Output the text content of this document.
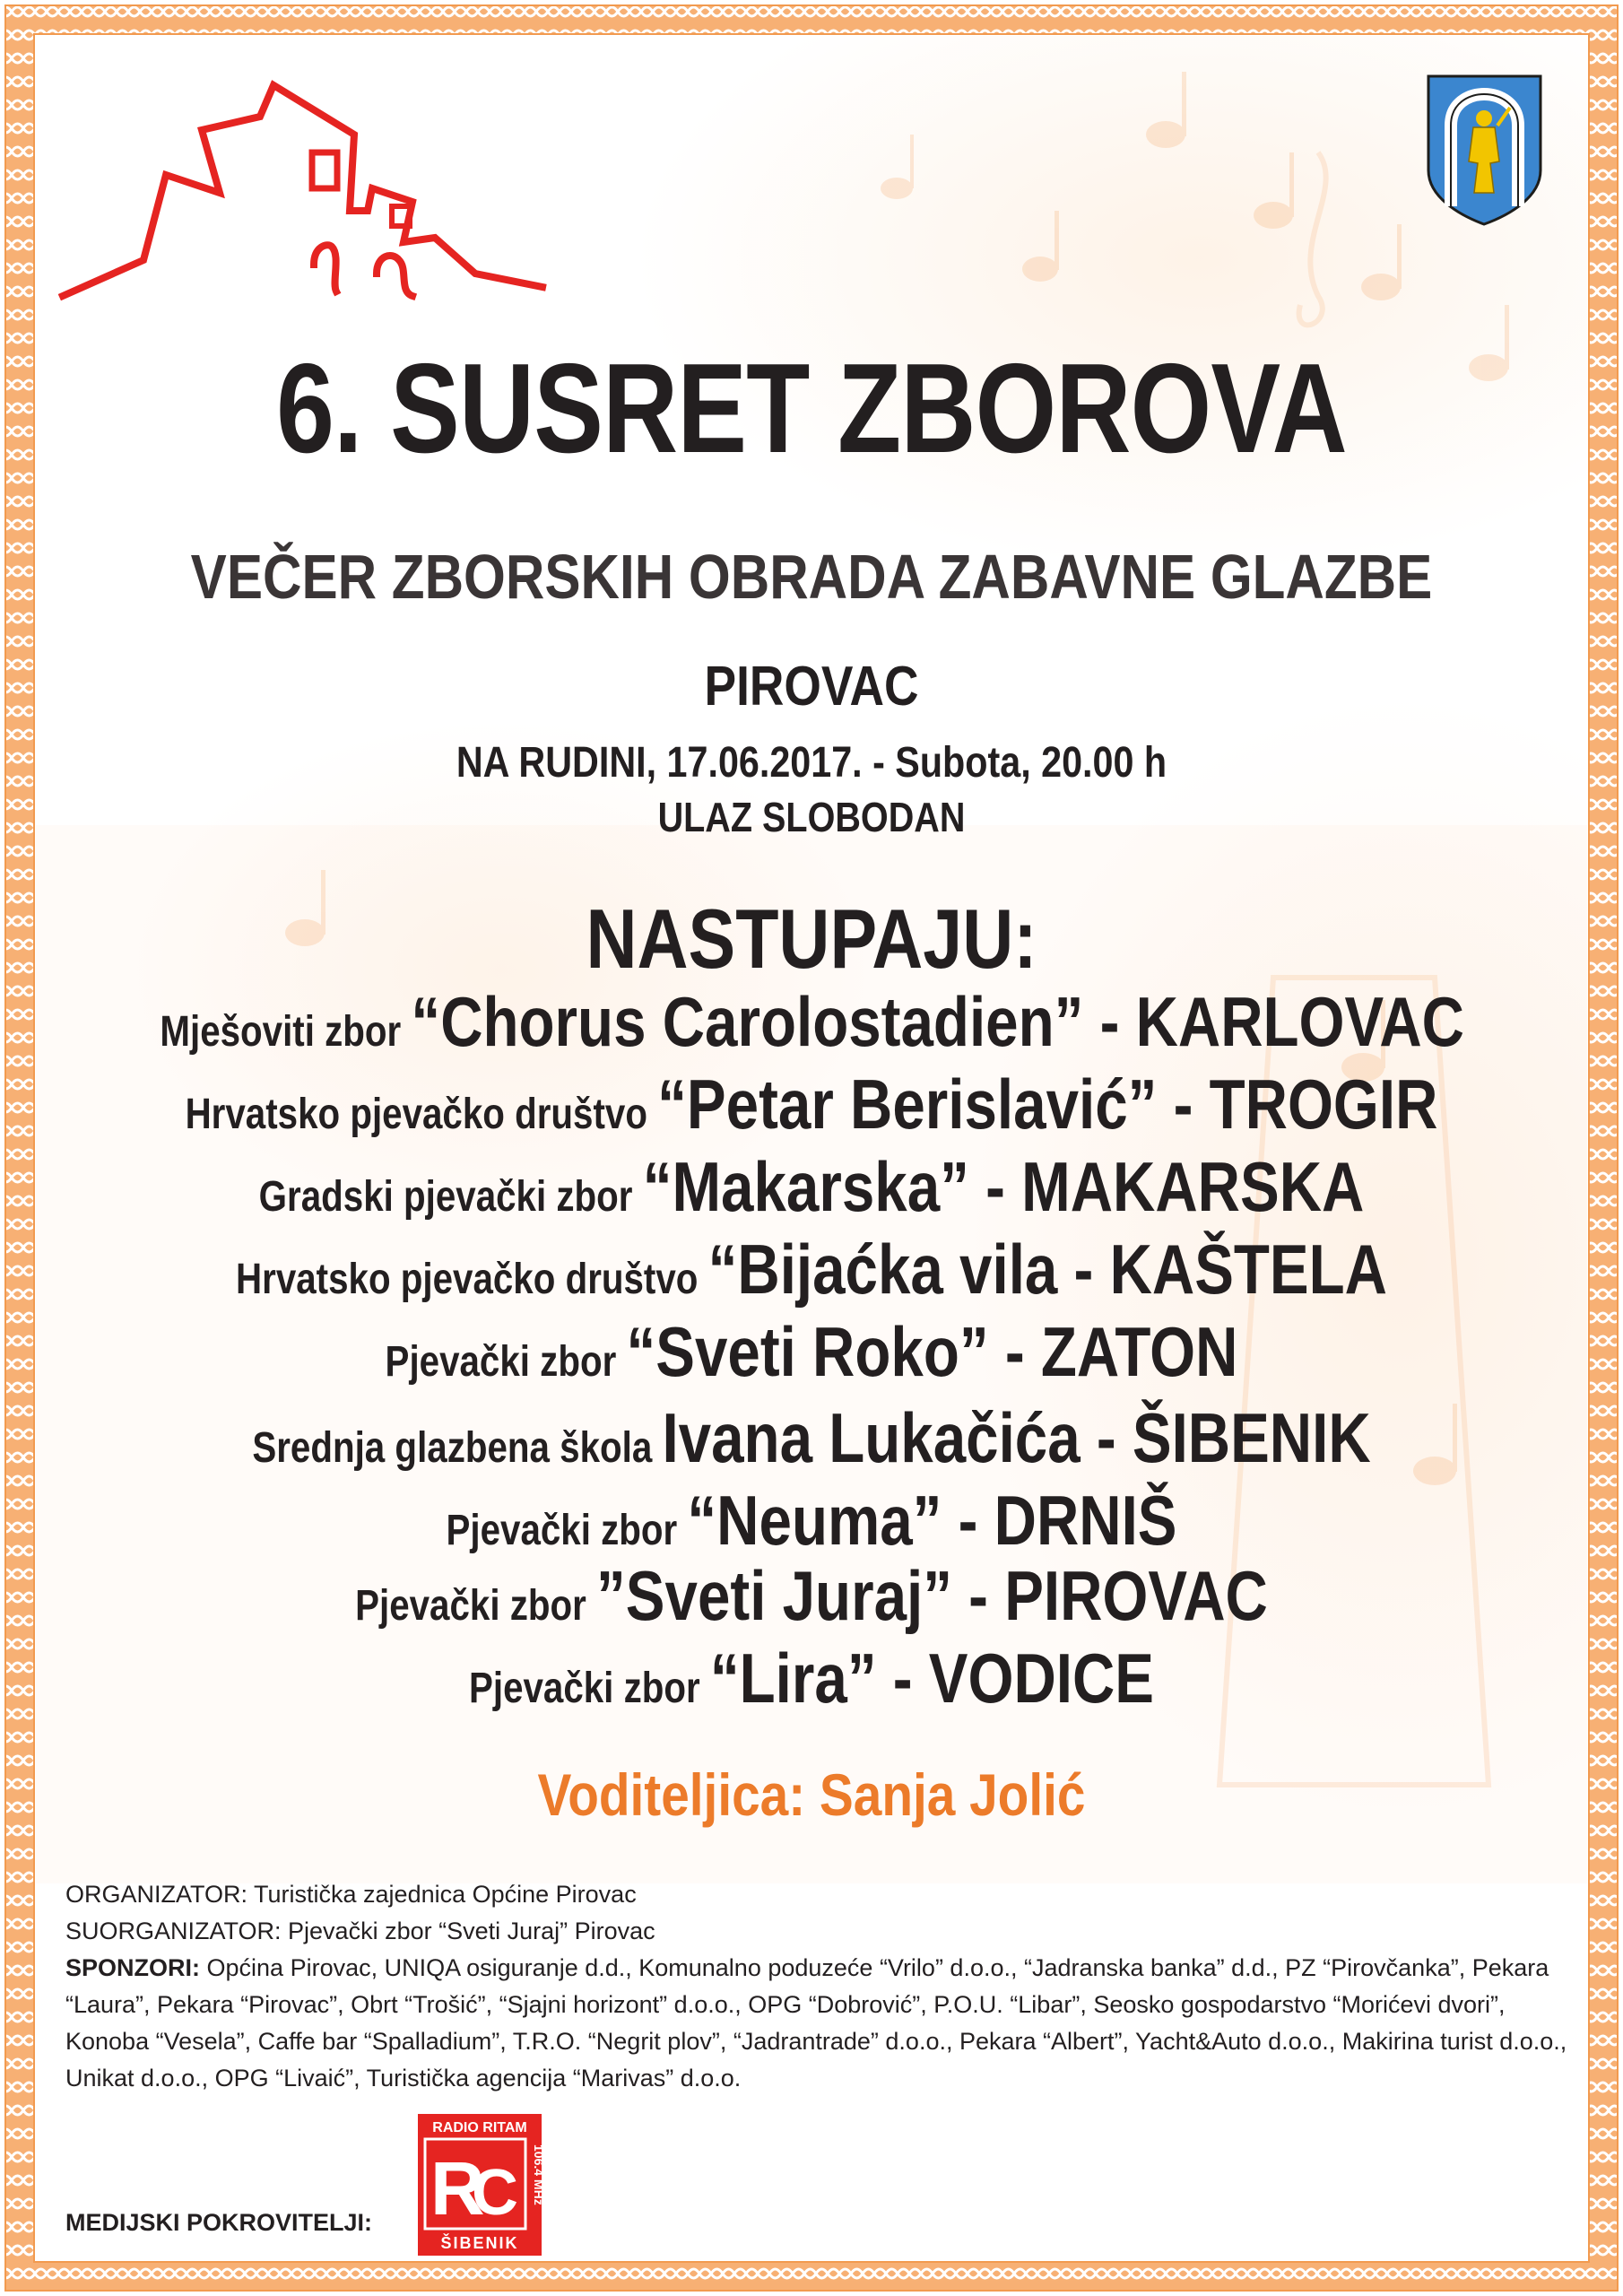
6. SUSRET ZBOROVA
VEČER ZBORSKIH OBRADA ZABAVNE GLAZBE
PIROVAC
NA RUDINI, 17.06.2017. - Subota, 20.00 h
ULAZ SLOBODAN
NASTUPAJU:
Mješoviti zbor “Chorus Carolostadien” - KARLOVAC
Hrvatsko pjevačko društvo “Petar Berislavić” - TROGIR
Gradski pjevački zbor “Makarska” - MAKARSKA
Hrvatsko pjevačko društvo “Bijaćka vila - KAŠTELA
Pjevački zbor “Sveti Roko” - ZATON
Srednja glazbena škola Ivana Lukačića - ŠIBENIK
Pjevački zbor “Neuma” - DRNIŠ
Pjevački zbor ”Sveti Juraj” - PIROVAC
Pjevački zbor “Lira” - VODICE
Voditeljica: Sanja Jolić

ORGANIZATOR: Turistička zajednica Općine Pirovac

SUORGANIZATOR: Pjevački zbor “Sveti Juraj” Pirovac

SPONZORI: Općina Pirovac, UNIQA osiguranje d.d., Komunalno poduzeće “Vrilo” d.o.o., “Jadranska banka” d.d., PZ “Pirovčanka”, Pekara “Laura”, Pekara “Pirovac”, Obrt “Trošić”, “Sjajni horizont” d.o.o., OPG “Dobrović”, P.O.U. “Libar”, Seosko gospodarstvo “Morićevi dvori”, Konoba “Vesela”, Caffe bar “Spalladium”, T.R.O. “Negrit plov”, “Jadrantrade” d.o.o., Pekara “Albert”, Yacht&Auto d.o.o., Makirina turist d.o.o., Unikat d.o.o., OPG “Livaić”, Turistička agencija “Marivas” d.o.o.

MEDIJSKI POKROVITELJI:
RADIO RITAM
R
C 106.4 MHz
ŠIBENIK
